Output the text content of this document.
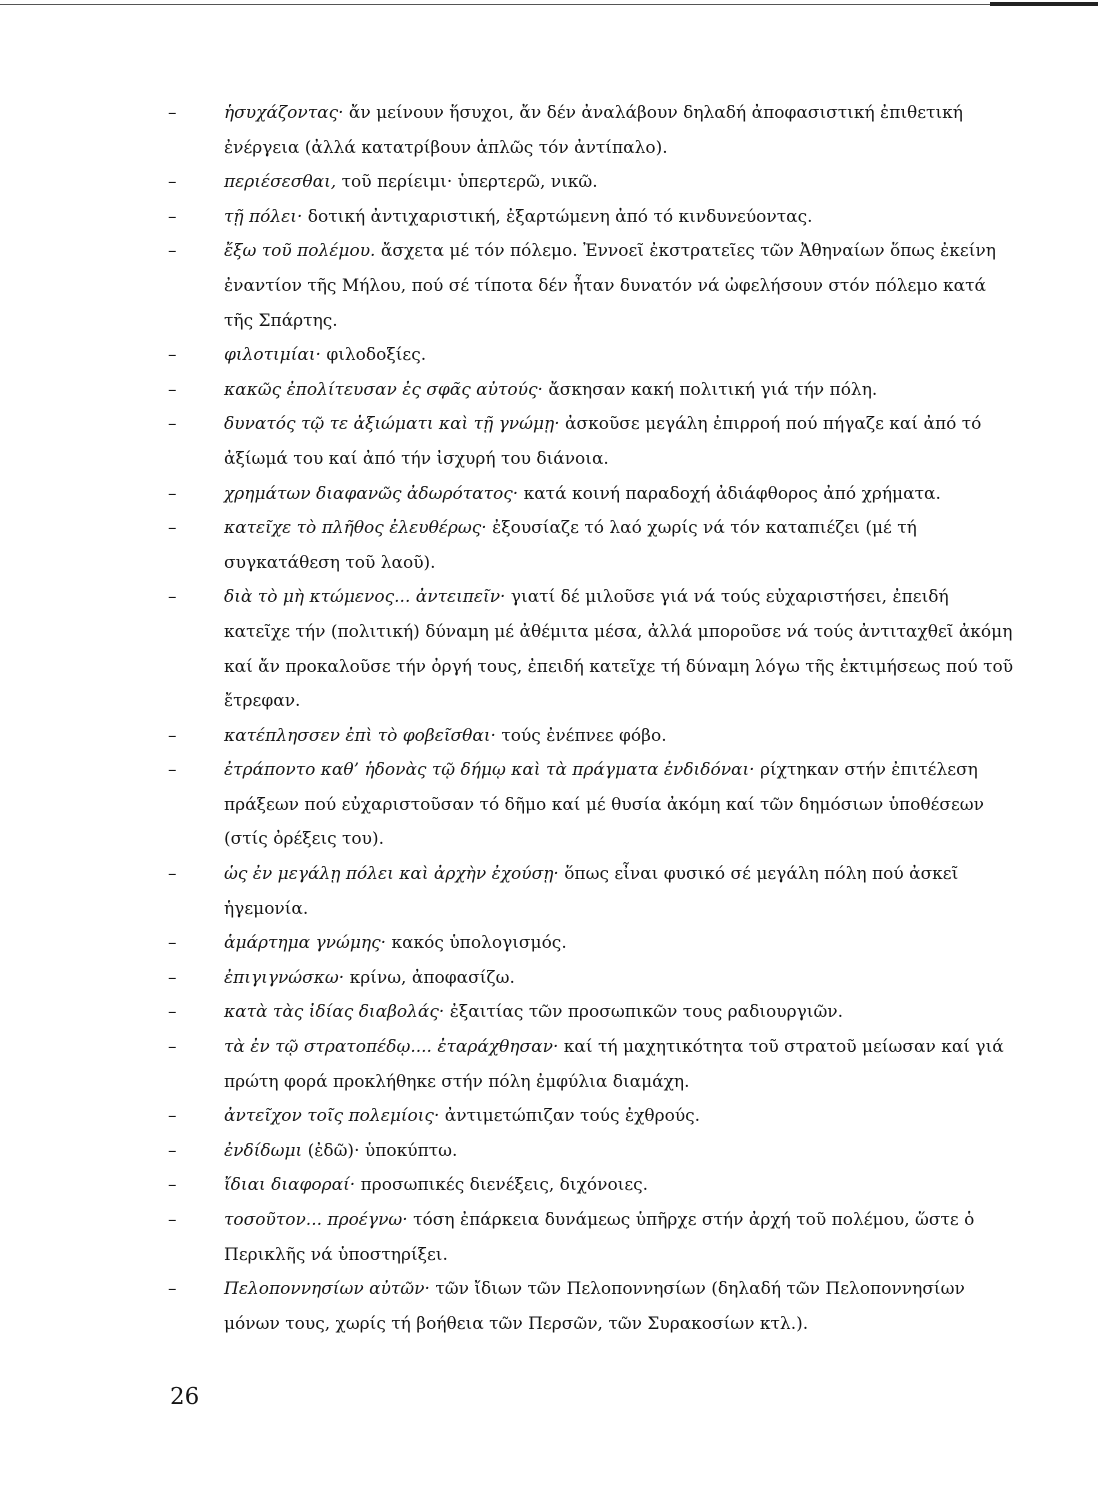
–	ἡσυχάζοντας· ἄν μείνουν ἥσυχοι, ἄν δέν ἀναλάβουν δηλαδή ἀποφασιστική ἐπιθετική ἐνέργεια (ἀλλά κατατρίβουν ἁπλῶς τόν ἀντίπαλο).
–	περιέσεσθαι, τοῦ περίειμι· ὑπερτερῶ, νικῶ.
–	τῇ πόλει· δοτική ἀντιχαριστική, ἐξαρτώμενη ἀπό τό κινδυνεύοντας.
–	ἔξω τοῦ πολέμου. ἄσχετα μέ τόν πόλεμο. Ἐννοεῖ ἐκστρατεῖες τῶν Ἀθηναίων ὅπως ἐκείνη ἐναντίον τῆς Μήλου, πού σέ τίποτα δέν ἦταν δυνατόν νά ὠφελήσουν στόν πόλεμο κατά τῆς Σπάρτης.
–	φιλοτιμίαι· φιλοδοξίες.
–	κακῶς ἐπολίτευσαν ἐς σφᾶς αὐτούς· ἄσκησαν κακή πολιτική γιά τήν πόλη.
–	δυνατός τῷ τε ἀξιώματι καὶ τῇ γνώμῃ· ἀσκοῦσε μεγάλη ἐπιρροή πού πήγαζε καί ἀπό τό ἀξίωμά του καί ἀπό τήν ἰσχυρή του διάνοια.
–	χρημάτων διαφανῶς ἀδωρότατος· κατά κοινή παραδοχή ἀδιάφθορος ἀπό χρήματα.
–	κατεῖχε τὸ πλῆθος ἐλευθέρως· ἐξουσίαζε τό λαό χωρίς νά τόν καταπιέζει (μέ τή συγκατάθεση τοῦ λαοῦ).
–	διὰ τὸ μὴ κτώμενος... ἀντειπεῖν· γιατί δέ μιλοῦσε γιά νά τούς εὐχαριστήσει, ἐπειδή κατεῖχε τήν (πολιτική) δύναμη μέ ἀθέμιτα μέσα, ἀλλά μποροῦσε νά τούς ἀντιταχθεῖ ἀκόμη καί ἄν προκαλοῦσε τήν ὀργή τους, ἐπειδή κατεῖχε τή δύναμη λόγω τῆς ἐκτιμήσεως πού τοῦ ἔτρεφαν.
–	κατέπλησσεν ἐπὶ τὸ φοβεῖσθαι· τούς ἐνέπνεε φόβο.
–	ἐτράποντο καθ’ ἡδονὰς τῷ δήμῳ καὶ τὰ πράγματα ἐνδιδόναι· ρίχτηκαν στήν ἐπιτέλεση πράξεων πού εὐχαριστοῦσαν τό δῆμο καί μέ θυσία ἀκόμη καί τῶν δημόσιων ὑποθέσεων (στίς ὀρέξεις του).
–	ὡς ἐν μεγάλῃ πόλει καὶ ἀρχὴν ἐχούσῃ· ὅπως εἶναι φυσικό σέ μεγάλη πόλη πού ἀσκεῖ ἡγεμονία.
–	ἁμάρτημα γνώμης· κακός ὑπολογισμός.
–	ἐπιγιγνώσκω· κρίνω, ἀποφασίζω.
–	κατὰ τὰς ἰδίας διαβολάς· ἐξαιτίας τῶν προσωπικῶν τους ραδιουργιῶν.
–	τὰ ἐν τῷ στρατοπέδῳ.... ἐταράχθησαν· καί τή μαχητικότητα τοῦ στρατοῦ μείωσαν καί γιά πρώτη φορά προκλήθηκε στήν πόλη ἐμφύλια διαμάχη.
–	ἀντεῖχον τοῖς πολεμίοις· ἀντιμετώπιζαν τούς ἐχθρούς.
–	ἐνδίδωμι (ἐδῶ)· ὑποκύπτω.
–	ἴδιαι διαφοραί· προσωπικές διενέξεις, διχόνοιες.
–	τοσοῦτον... προέγνω· τόση ἐπάρκεια δυνάμεως ὑπῆρχε στήν ἀρχή τοῦ πολέμου, ὥστε ὁ Περικλῆς νά ὑποστηρίξει.
–	Πελοποννησίων αὐτῶν· τῶν ἴδιων τῶν Πελοποννησίων (δηλαδή τῶν Πελοποννησίων μόνων τους, χωρίς τή βοήθεια τῶν Περσῶν, τῶν Συρακοσίων κτλ.).
26
